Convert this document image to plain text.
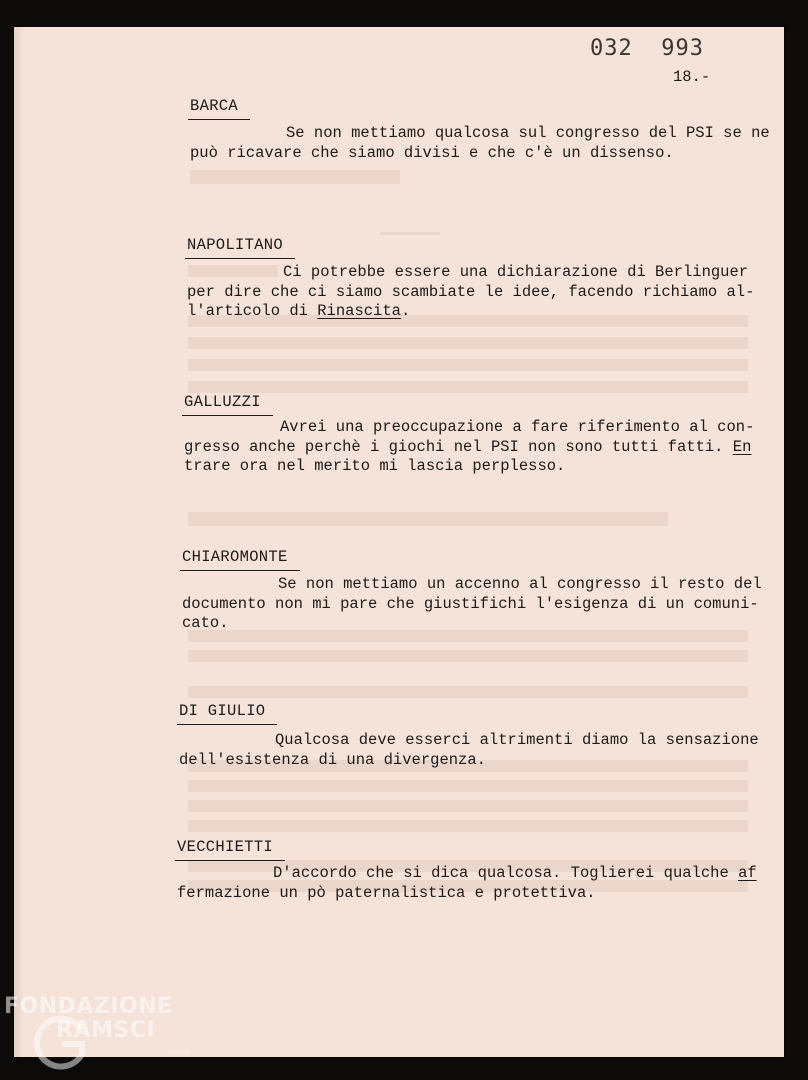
032  993
18.-
BARCA
Se non mettiamo qualcosa sul congresso del PSI se ne
può ricavare che siamo divisi e che c'è un dissenso.
NAPOLITANO
Ci potrebbe essere una dichiarazione di Berlinguer
per dire che ci siamo scambiate le idee, facendo richiamo al-
l'articolo di Rinascita.
GALLUZZI
Avrei una preoccupazione a fare riferimento al con-
gresso anche perchè i giochi nel PSI non sono tutti fatti. En
trare ora nel merito mi lascia perplesso.
CHIAROMONTE
Se non mettiamo un accenno al congresso il resto del
documento non mi pare che giustifichi l'esigenza di un comuni-
cato.
DI GIULIO
Qualcosa deve esserci altrimenti diamo la sensazione
dell'esistenza di una divergenza.
VECCHIETTI
D'accordo che si dica qualcosa. Toglierei qualche af
fermazione un pò paternalistica e protettiva.
FONDAZIONE
RAMSCI
onlus
